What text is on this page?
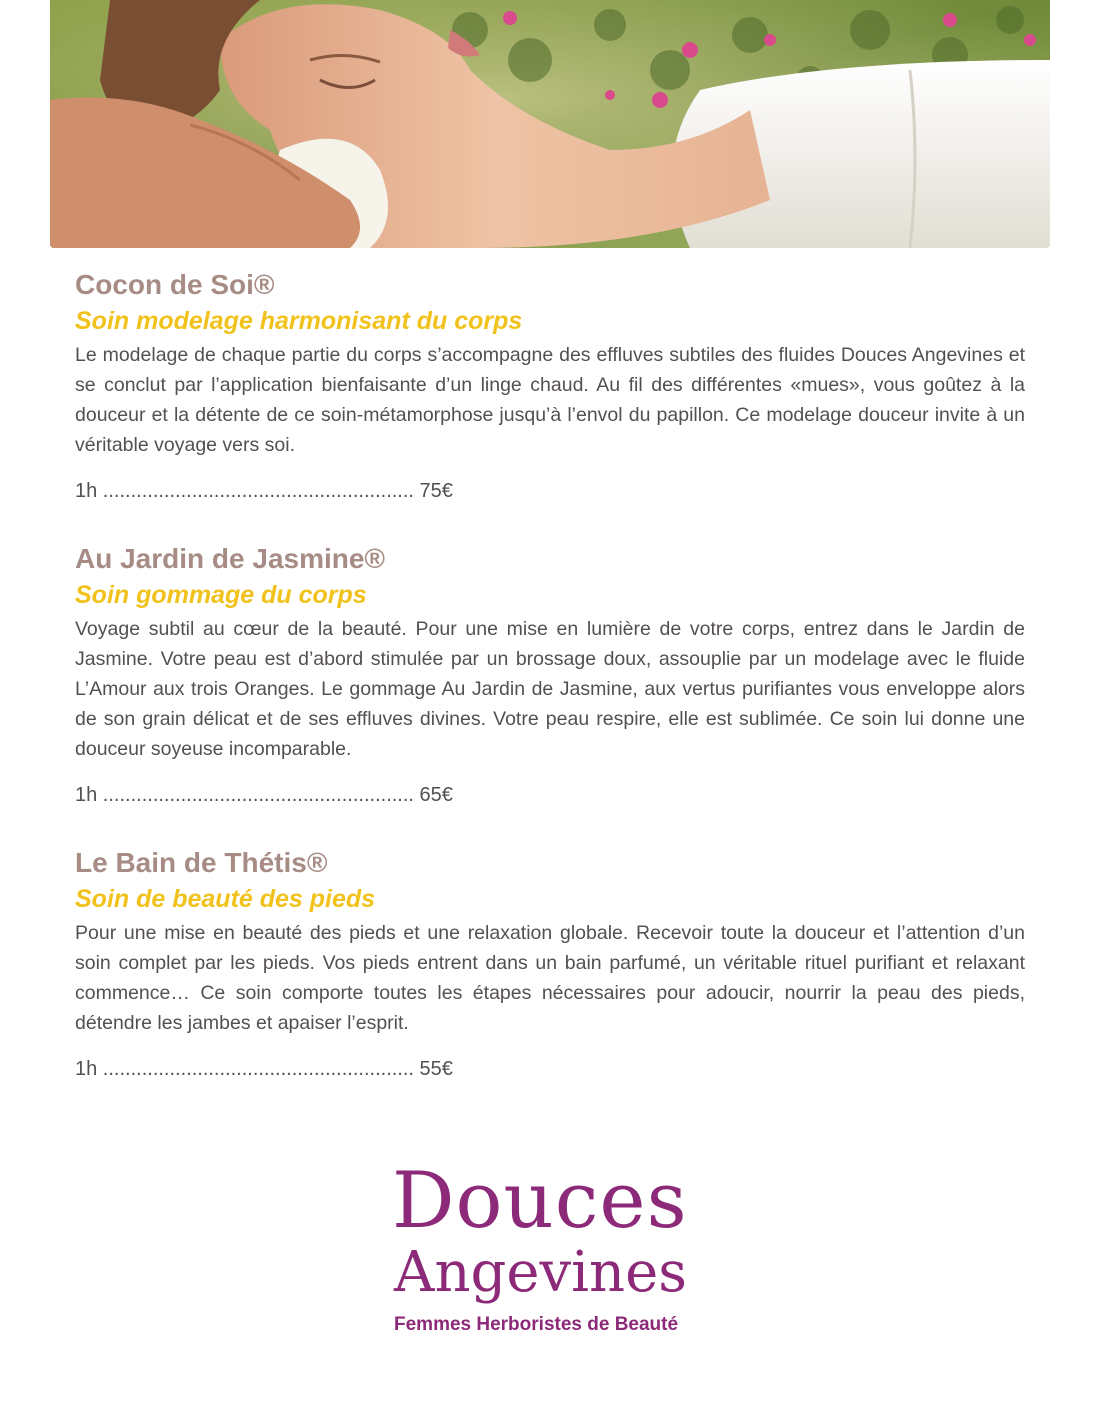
Cocon de Soi®
Soin modelage harmonisant du corps

Le modelage de chaque partie du corps s’accompagne des effluves subtiles des fluides Douces Angevines et se conclut par l’application bienfaisante d’un linge chaud. Au fil des différentes «mues», vous goûtez à la douceur et la détente de ce soin-métamorphose jusqu’à l’envol du papillon. Ce modelage douceur invite à un véritable voyage vers soi.

1h ........................................................ 75€

Au Jardin de Jasmine®
Soin gommage du corps

Voyage subtil au cœur de la beauté. Pour une mise en lumière de votre corps, entrez dans le Jardin de Jasmine. Votre peau est d’abord stimulée par un brossage doux, assouplie par un modelage avec le fluide L’Amour aux trois Oranges. Le gommage Au Jardin de Jasmine, aux vertus purifiantes vous enveloppe alors de son grain délicat et de ses effluves divines. Votre peau respire, elle est sublimée. Ce soin lui donne une douceur soyeuse incomparable.

1h ........................................................ 65€

Le Bain de Thétis®
Soin de beauté des pieds

Pour une mise en beauté des pieds et une relaxation globale. Recevoir toute la douceur et l’attention d’un soin complet par les pieds. Vos pieds entrent dans un bain parfumé, un véritable rituel purifiant et relaxant commence… Ce soin comporte toutes les étapes nécessaires pour adoucir, nourrir la peau des pieds, détendre les jambes et apaiser l’esprit.

1h ........................................................ 55€

Douces
Angevines
Femmes Herboristes de Beauté
